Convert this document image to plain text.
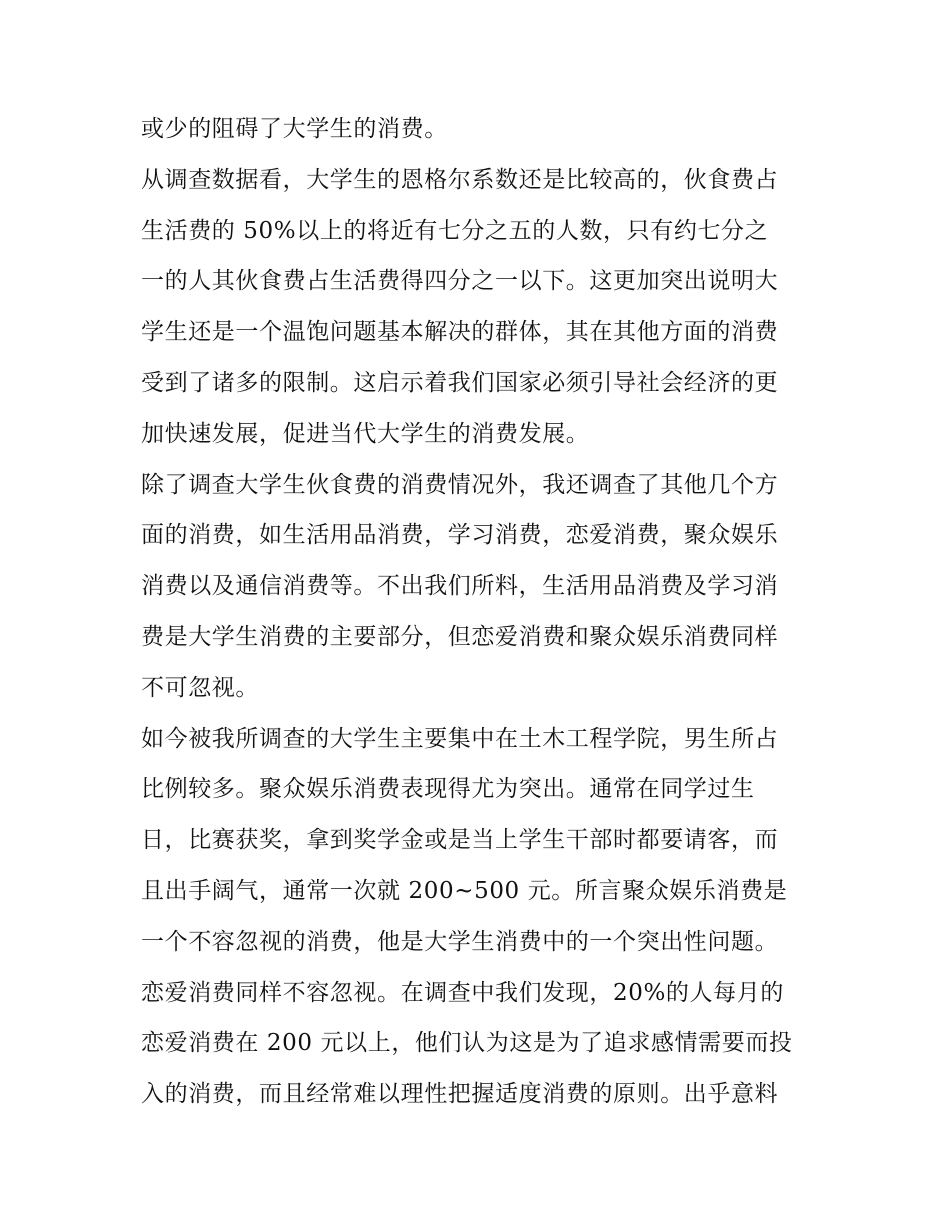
或少的阻碍了大学生的消费。
从调查数据看，大学生的恩格尔系数还是比较高的，伙食费占
生活费的 50%以上的将近有七分之五的人数，只有约七分之
一的人其伙食费占生活费得四分之一以下。这更加突出说明大
学生还是一个温饱问题基本解决的群体，其在其他方面的消费
受到了诸多的限制。这启示着我们国家必须引导社会经济的更
加快速发展，促进当代大学生的消费发展。
除了调查大学生伙食费的消费情况外，我还调查了其他几个方
面的消费，如生活用品消费，学习消费，恋爱消费，聚众娱乐
消费以及通信消费等。不出我们所料，生活用品消费及学习消
费是大学生消费的主要部分，但恋爱消费和聚众娱乐消费同样
不可忽视。
如今被我所调查的大学生主要集中在土木工程学院，男生所占
比例较多。聚众娱乐消费表现得尤为突出。通常在同学过生
日，比赛获奖，拿到奖学金或是当上学生干部时都要请客，而
且出手阔气，通常一次就 200~500 元。所言聚众娱乐消费是
一个不容忽视的消费，他是大学生消费中的一个突出性问题。
恋爱消费同样不容忽视。在调查中我们发现，20%的人每月的
恋爱消费在 200 元以上，他们认为这是为了追求感情需要而投
入的消费，而且经常难以理性把握适度消费的原则。出乎意料
